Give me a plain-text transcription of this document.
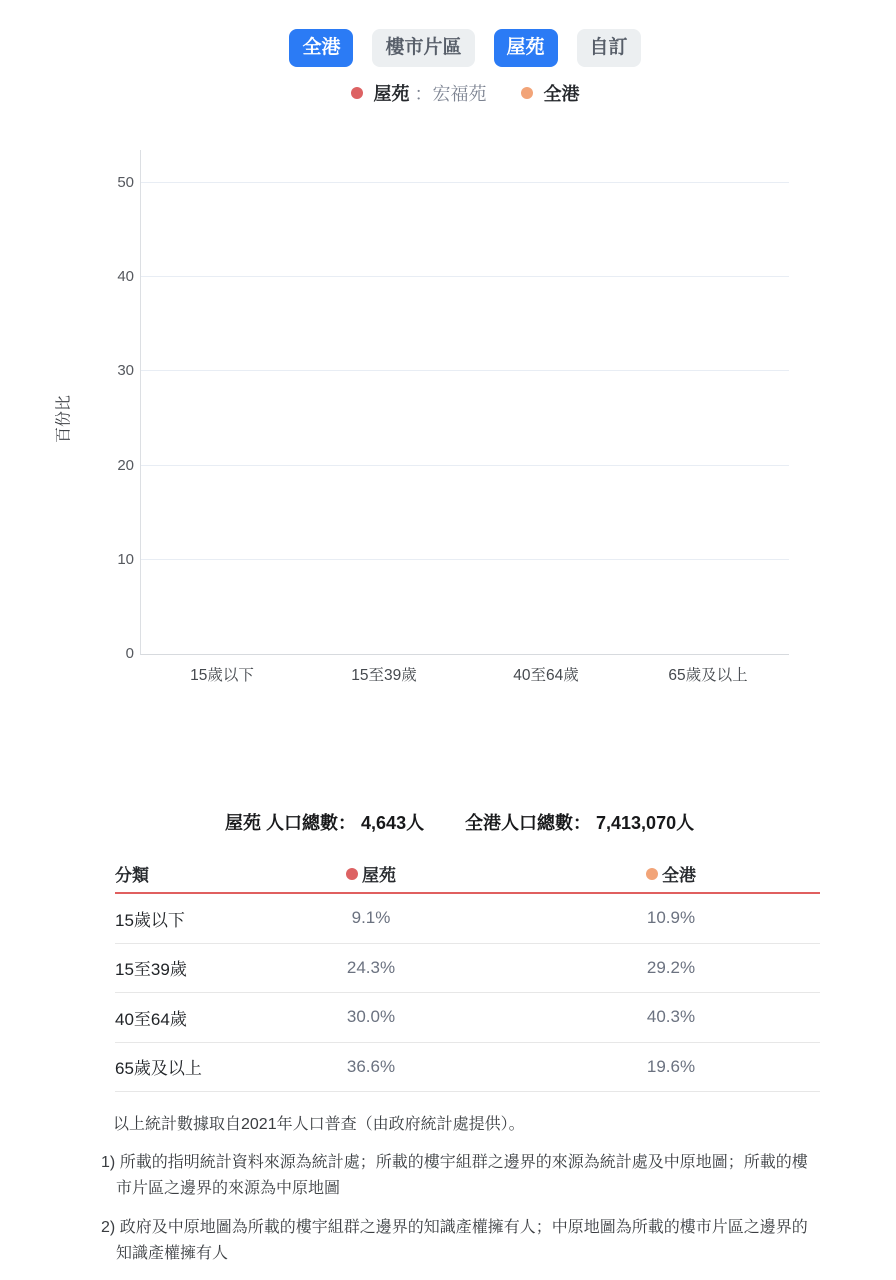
全港	樓市片區	屋苑	自訂
屋苑 ：宏福苑	全港
百份比
0
10
20
30
40
50
15歲以下	15至39歲	40至64歲	65歲及以上
屋苑 人口總數： 4,643人 全港人口總數： 7,413,070人
分類	屋苑	全港
15歲以下	9.1%	10.9%
15至39歲	24.3%	29.2%
40至64歲	30.0%	40.3%
65歲及以上	36.6%	19.6%

以上統計數據取自2021年人口普查（由政府統計處提供）。

1) 所載的指明統計資料來源為統計處；所載的樓宇組群之邊界的來源為統計處及中原地圖；所載的樓市片區之邊界的來源為中原地圖
2) 政府及中原地圖為所載的樓宇組群之邊界的知識產權擁有人；中原地圖為所載的樓市片區之邊界的知識產權擁有人
